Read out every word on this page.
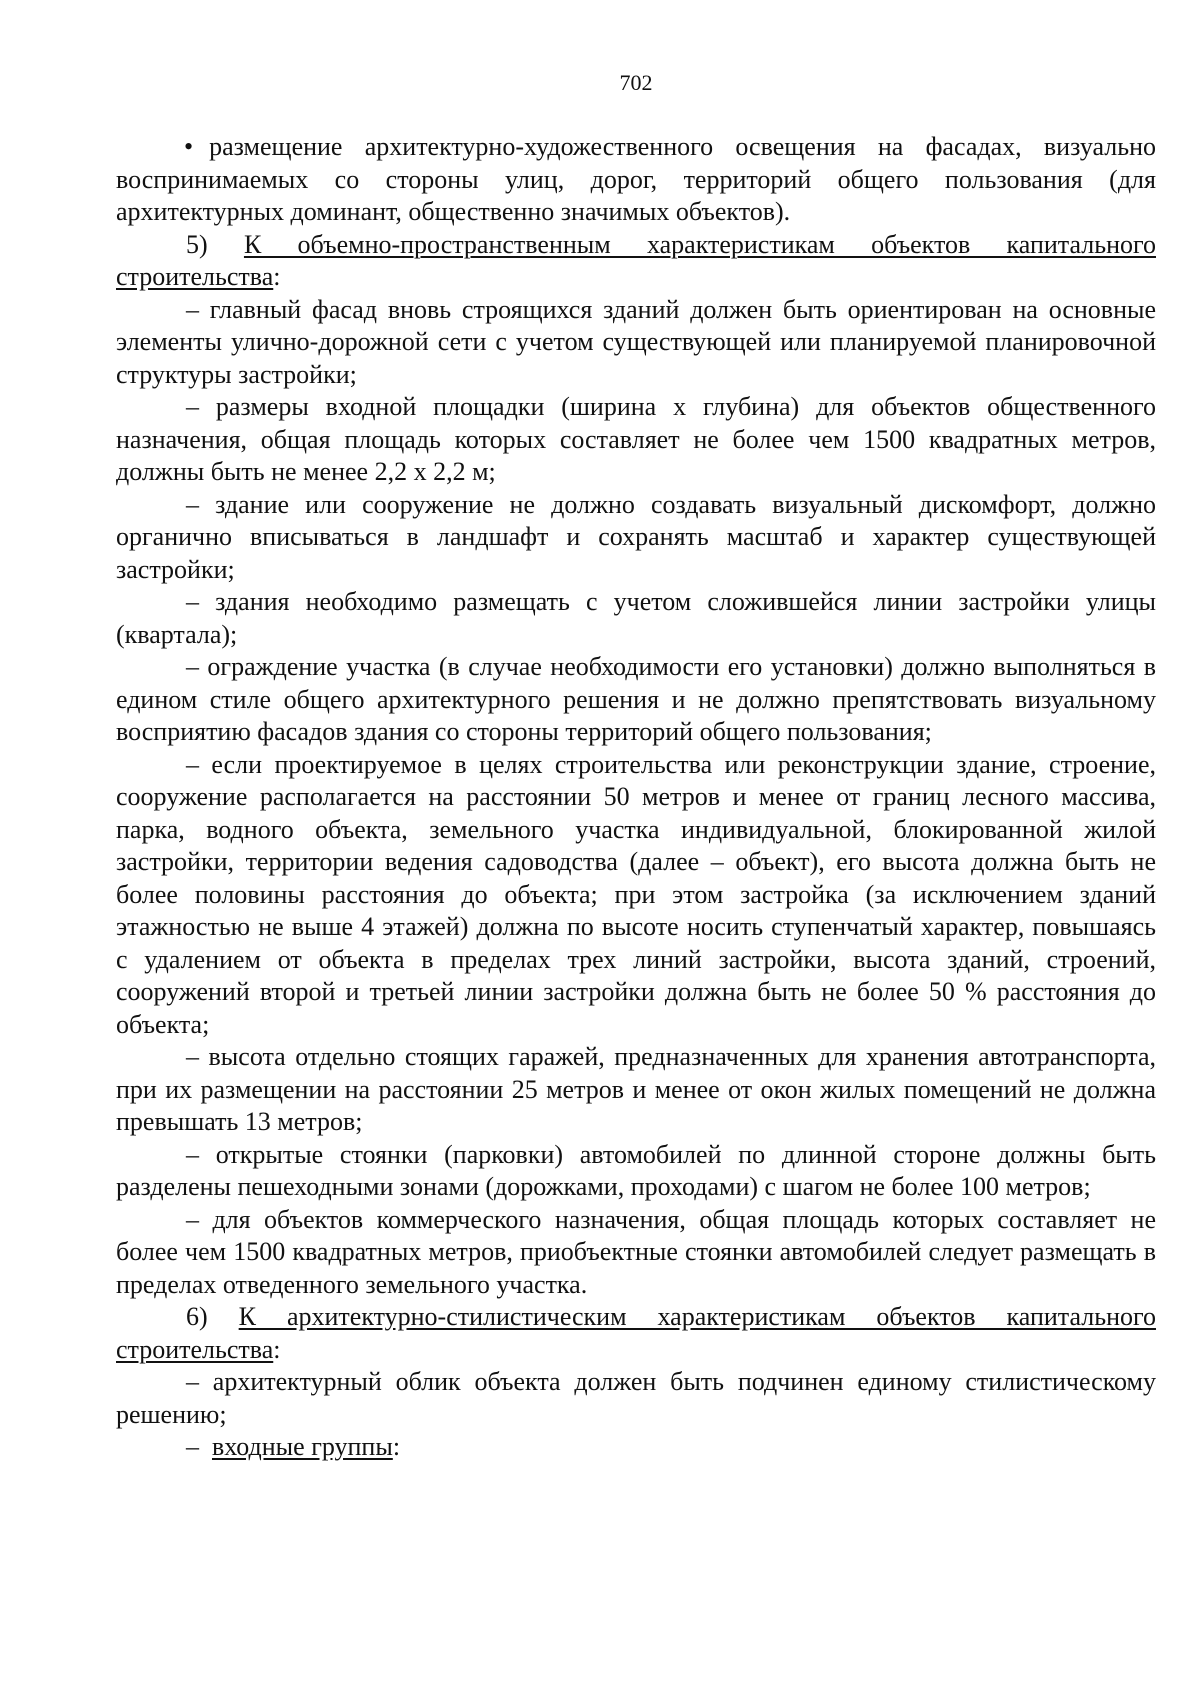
702

• размещение архитектурно-художественного освещения на фасадах, визуально воспринимаемых со стороны улиц, дорог, территорий общего пользования (для архитектурных доминант, общественно значимых объектов).

5) К объемно-пространственным характеристикам объектов капитального строительства:

– главный фасад вновь строящихся зданий должен быть ориентирован на основные элементы улично-дорожной сети с учетом существующей или планируемой планировочной структуры застройки;

– размеры входной площадки (ширина х глубина) для объектов общественного назначения, общая площадь которых составляет не более чем 1500 квадратных метров, должны быть не менее 2,2 х 2,2 м;

– здание или сооружение не должно создавать визуальный дискомфорт, должно органично вписываться в ландшафт и сохранять масштаб и характер существующей застройки;

– здания необходимо размещать с учетом сложившейся линии застройки улицы (квартала);

– ограждение участка (в случае необходимости его установки) должно выполняться в едином стиле общего архитектурного решения и не должно препятствовать визуальному восприятию фасадов здания со стороны территорий общего пользования;

– если проектируемое в целях строительства или реконструкции здание, строение, сооружение располагается на расстоянии 50 метров и менее от границ лесного массива, парка, водного объекта, земельного участка индивидуальной, блокированной жилой застройки, территории ведения садоводства (далее – объект), его высота должна быть не более половины расстояния до объекта; при этом застройка (за исключением зданий этажностью не выше 4 этажей) должна по высоте носить ступенчатый характер, повышаясь с удалением от объекта в пределах трех линий застройки, высота зданий, строений, сооружений второй и третьей линии застройки должна быть не более 50 % расстояния до объекта;

– высота отдельно стоящих гаражей, предназначенных для хранения автотранспорта, при их размещении на расстоянии 25 метров и менее от окон жилых помещений не должна превышать 13 метров;

– открытые стоянки (парковки) автомобилей по длинной стороне должны быть разделены пешеходными зонами (дорожками, проходами) с шагом не более 100 метров;

– для объектов коммерческого назначения, общая площадь которых составляет не более чем 1500 квадратных метров, приобъектные стоянки автомобилей следует размещать в пределах отведенного земельного участка.

6) К архитектурно-стилистическим характеристикам объектов капитального строительства:

– архитектурный облик объекта должен быть подчинен единому стилистическому решению;

– входные группы:
